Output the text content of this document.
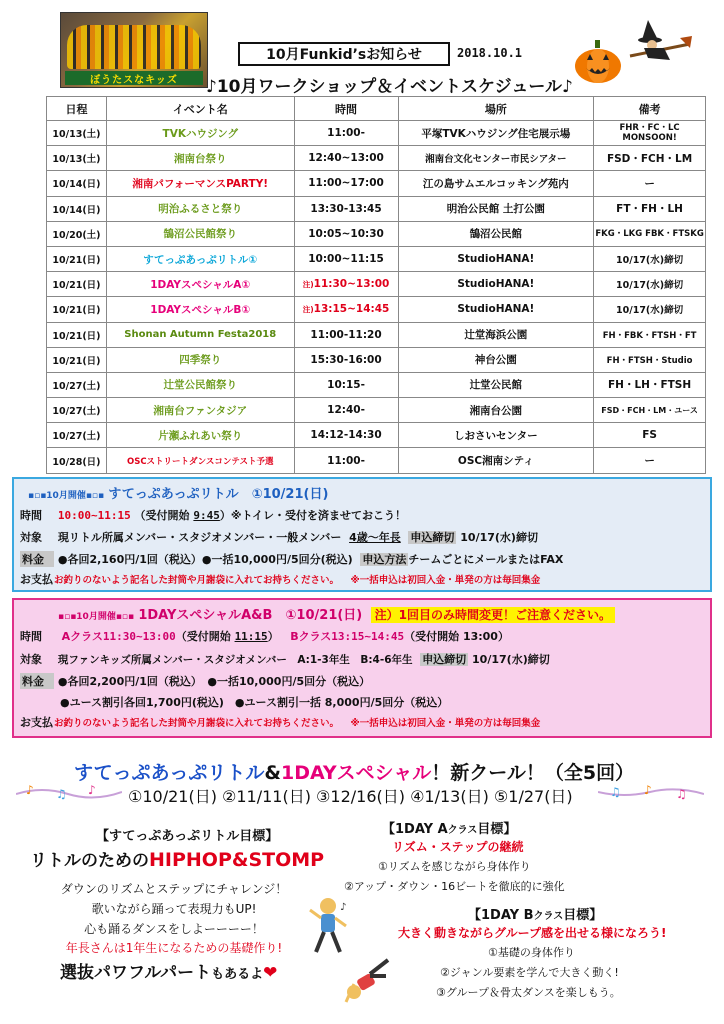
ぼうたスなキッズ
10月Funkid’sお知らせ	2018.10.1
♪10月ワークショップ＆イベントスケジュール♪
日程	イベント名	時間	場所	備考
10/13(土)	TVKハウジング	11:00-	平塚TVKハウジング住宅展示場	FHR・FC・LC MONSOON!
10/13(土)	湘南台祭り	12:40~13:00	湘南台文化センター市民シアター	FSD・FCH・LM
10/14(日)	湘南パフォーマンスPARTY!	11:00~17:00	江の島サムエルコッキング苑内	ー
10/14(日)	明治ふるさと祭り	13:30-13:45	明治公民館 土打公園	FT・FH・LH
10/20(土)	鵠沼公民館祭り	10:05~10:30	鵠沼公民館	FKG・LKG FBK・FTSKG
10/21(日)	すてっぷあっぷリトル①	10:00~11:15	StudioHANA!	10/17(水)締切
10/21(日)	1DAYスペシャルA①	注)11:30~13:00	StudioHANA!	10/17(水)締切
10/21(日)	1DAYスペシャルB①	注)13:15~14:45	StudioHANA!	10/17(水)締切
10/21(日)	Shonan Autumn Festa2018	11:00-11:20	辻堂海浜公園	FH・FBK・FTSH・FT
10/21(日)	四季祭り	15:30-16:00	神台公園	FH・FTSH・Studio
10/27(土)	辻堂公民館祭り	10:15-	辻堂公民館	FH・LH・FTSH
10/27(土)	湘南台ファンタジア	12:40-	湘南台公園	FSD・FCH・LM・ユース
10/27(土)	片瀬ふれあい祭り	14:12-14:30	しおさいセンター	FS
10/28(日)	OSCストリートダンスコンテスト予選	11:00-	OSC湘南シティ	ー
▪▫▪10月開催▪▫▪ すてっぷあっぷリトル　①10/21(日)
時間 10:00~11:15 （受付開始 9:45）※トイレ・受付を済ませておこう！
対象 現リトル所属メンバー・スタジオメンバー・一般メンバー 4歳〜年長 申込締切 10/17(水)締切
料金 ●各回2,160円/1回（税込）●一括10,000円/5回分(税込) 申込方法 チームごとにメールまたはFAX
お支払お釣りのないよう記名した封筒や月謝袋に入れてお持ちください。 ※一括申込は初回入金・単発の方は毎回集金
▪▫▪10月開催▪▫▪ 1DAYスペシャルA&B　①10/21(日) 注）1回目のみ時間変更！ご注意ください。
時間 Aクラス11:30~13:00（受付開始 11:15） Bクラス13:15~14:45（受付開始 13:00）
対象 現ファンキッズ所属メンバー・スタジオメンバー　A:1-3年生　B:4-6年生 申込締切 10/17(水)締切
料金 ●各回2,200円/1回（税込）　●一括10,000円/5回分（税込）
●ユース割引各回1,700円(税込)　●ユース割引一括 8,000円/5回分（税込）
お支払お釣りのないよう記名した封筒や月謝袋に入れてお持ちください。 ※一括申込は初回入金・単発の方は毎回集金
すてっぷあっぷリトル&1DAYスペシャル！新クール！（全5回）
♪ ♫ ♪ ①10/21(日) ②11/11(日) ③12/16(日) ④1/13(日) ⑤1/27(日)	♫ ♪ ♫
【すてっぷあっぷリトル目標】
リトルのためのHIPHOP&STOMP
ダウンのリズムとステップにチャレンジ！
歌いながら踊って表現力もUP!
心も踊るダンスをしよーーーー！
年長さんは1年生になるための基礎作り!
選抜パワフルパートもあるよ❤
【1DAY Aクラス目標】
リズム・ステップの継続
①リズムを感じながら身体作り
②アップ・ダウン・16ビートを徹底的に強化
【1DAY Bクラス目標】
大きく動きながらグループ感を出せる様になろう!
①基礎の身体作り
②ジャンル要素を学んで大きく動く!
③グループ＆骨太ダンスを楽しもう。
♪
